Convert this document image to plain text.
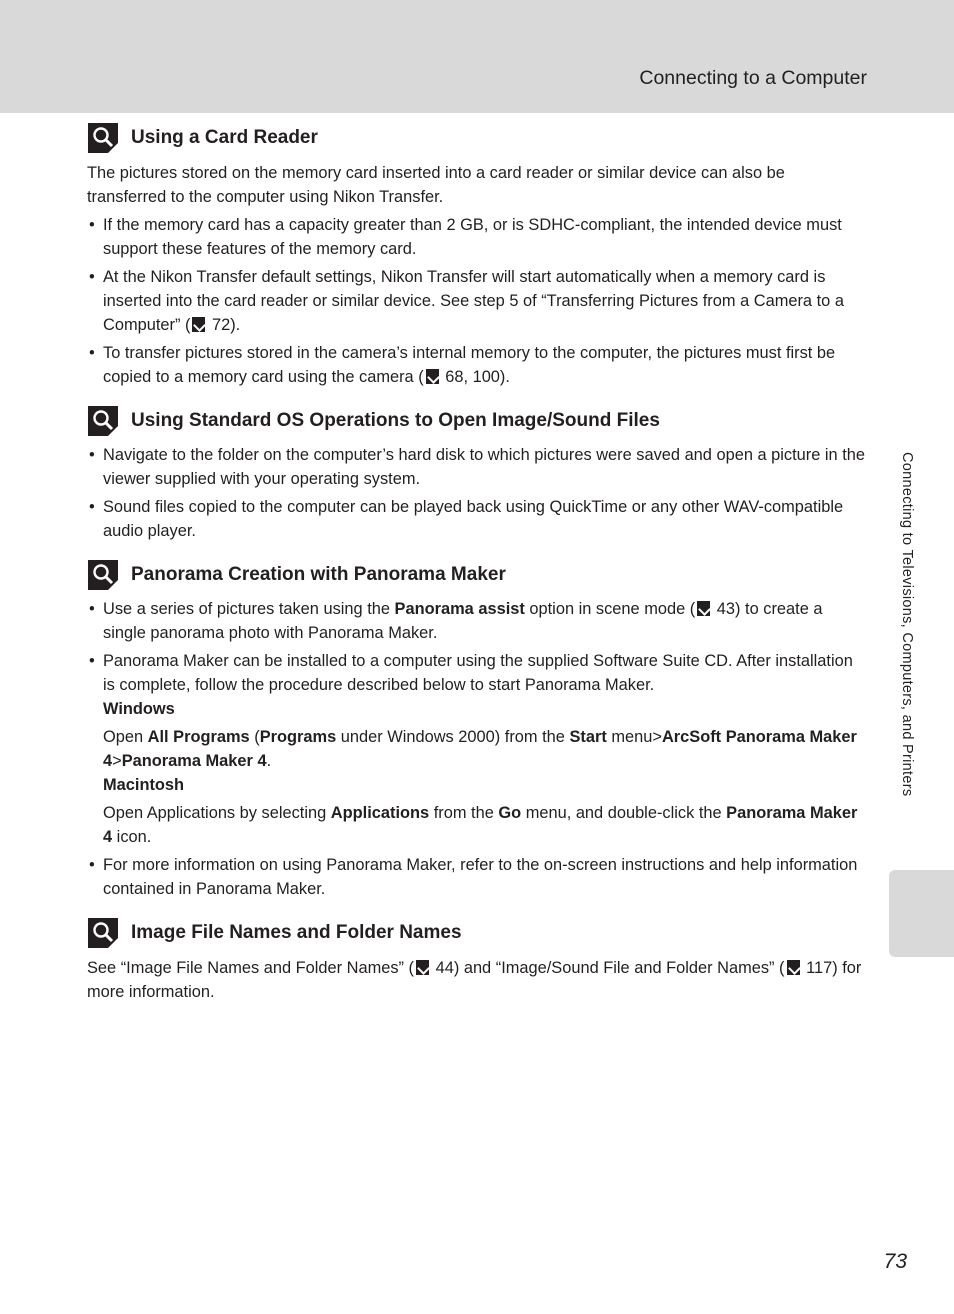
Connecting to a Computer
Connecting to Televisions, Computers, and Printers
Using a Card Reader

The pictures stored on the memory card inserted into a card reader or similar device can also be transferred to the computer using Nikon Transfer.

• If the memory card has a capacity greater than 2 GB, or is SDHC-compliant, the intended device must support these features of the memory card.
• At the Nikon Transfer default settings, Nikon Transfer will start automatically when a memory card is inserted into the card reader or similar device. See step 5 of “Transferring Pictures from a Camera to a Computer” ( 72).
• To transfer pictures stored in the camera’s internal memory to the computer, the pictures must first be copied to a memory card using the camera ( 68, 100).
Using Standard OS Operations to Open Image/Sound Files
• Navigate to the folder on the computer’s hard disk to which pictures were saved and open a picture in the viewer supplied with your operating system.
• Sound files copied to the computer can be played back using QuickTime or any other WAV-compatible audio player.
Panorama Creation with Panorama Maker
• Use a series of pictures taken using the Panorama assist option in scene mode ( 43) to create a single panorama photo with Panorama Maker.
• Panorama Maker can be installed to a computer using the supplied Software Suite CD. After installation is complete, follow the procedure described below to start Panorama Maker.
Windows

Open All Programs (Programs under Windows 2000) from the Start menu>ArcSoft Panorama Maker 4>Panorama Maker 4.

Macintosh

Open Applications by selecting Applications from the Go menu, and double-click the Panorama Maker 4 icon.

• For more information on using Panorama Maker, refer to the on-screen instructions and help information contained in Panorama Maker.
Image File Names and Folder Names

See “Image File Names and Folder Names” ( 44) and “Image/Sound File and Folder Names” ( 117) for more information.

73
